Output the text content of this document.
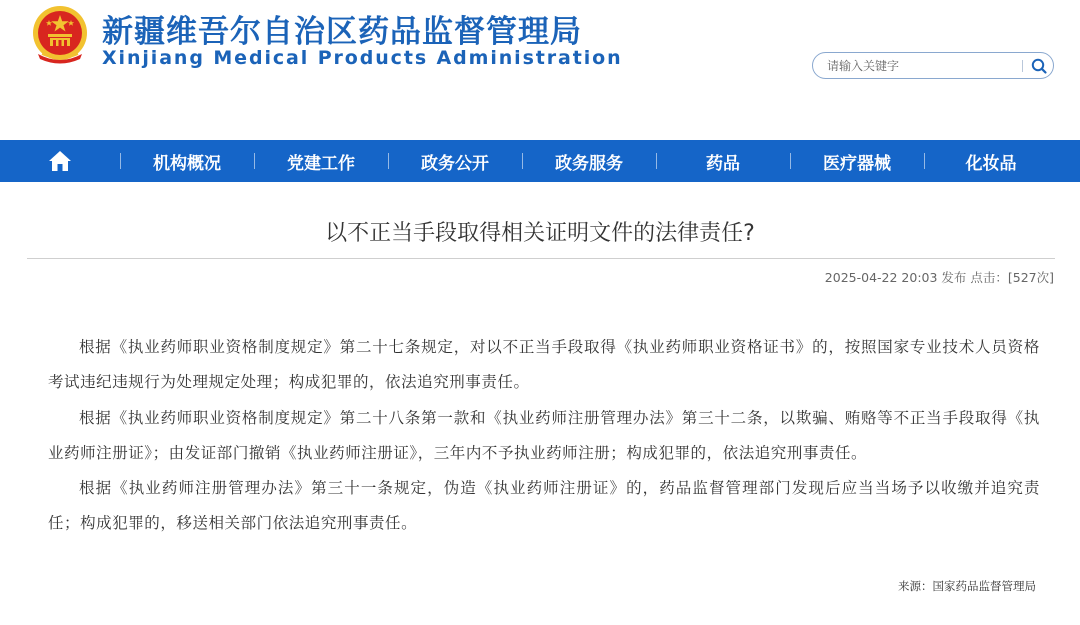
新疆维吾尔自治区药品监督管理局
Xinjiang Medical Products Administration
请输入关键字
机构概况	党建工作	政务公开	政务服务	药品	医疗器械	化妆品
以不正当手段取得相关证明文件的法律责任?
2025-04-22 20:03 发布 点击：[527次]

根据《执业药师职业资格制度规定》第二十七条规定，对以不正当手段取得《执业药师职业资格证书》的，按照国家专业技术人员资格考试违纪违规行为处理规定处理；构成犯罪的，依法追究刑事责任。

根据《执业药师职业资格制度规定》第二十八条第一款和《执业药师注册管理办法》第三十二条，以欺骗、贿赂等不正当手段取得《执业药师注册证》；由发证部门撤销《执业药师注册证》，三年内不予执业药师注册；构成犯罪的，依法追究刑事责任。

根据《执业药师注册管理办法》第三十一条规定，伪造《执业药师注册证》的，药品监督管理部门发现后应当当场予以收缴并追究责任；构成犯罪的，移送相关部门依法追究刑事责任。

来源：国家药品监督管理局
